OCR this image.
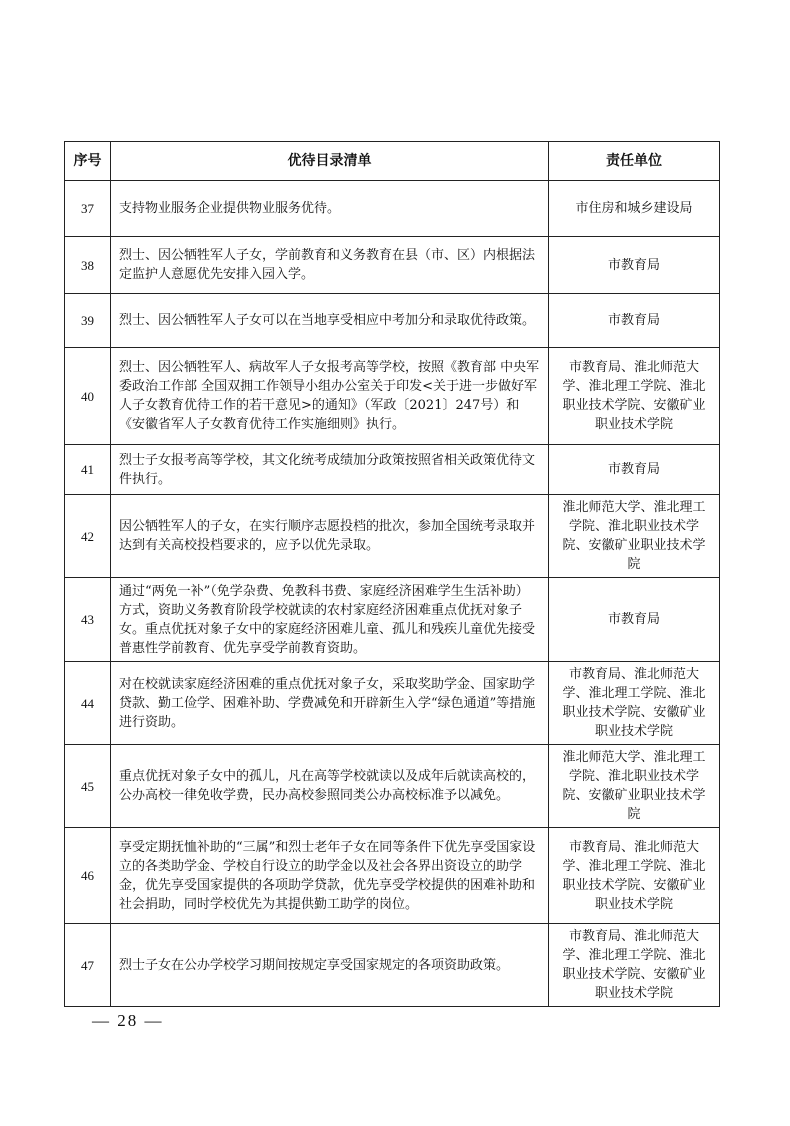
序号	优待目录清单	责任单位
37	支持物业服务企业提供物业服务优待。	市住房和城乡建设局
38	烈士、因公牺牲军人子女，学前教育和义务教育在县（市、区）内根据法定监护人意愿优先安排入园入学。	市教育局
39	烈士、因公牺牲军人子女可以在当地享受相应中考加分和录取优待政策。	市教育局
40	烈士、因公牺牲军人、病故军人子女报考高等学校，按照《教育部 中央军委政治工作部 全国双拥工作领导小组办公室关于印发<关于进一步做好军人子女教育优待工作的若干意见>的通知》（军政〔2021〕247号）和《安徽省军人子女教育优待工作实施细则》执行。	市教育局、淮北师范大学、淮北理工学院、淮北职业技术学院、安徽矿业职业技术学院
41	烈士子女报考高等学校，其文化统考成绩加分政策按照省相关政策优待文件执行。	市教育局
42	因公牺牲军人的子女，在实行顺序志愿投档的批次，参加全国统考录取并达到有关高校投档要求的，应予以优先录取。	淮北师范大学、淮北理工学院、淮北职业技术学院、安徽矿业职业技术学院
43	通过“两免一补”（免学杂费、免教科书费、家庭经济困难学生生活补助）方式，资助义务教育阶段学校就读的农村家庭经济困难重点优抚对象子女。重点优抚对象子女中的家庭经济困难儿童、孤儿和残疾儿童优先接受普惠性学前教育、优先享受学前教育资助。	市教育局
44	对在校就读家庭经济困难的重点优抚对象子女，采取奖助学金、国家助学贷款、勤工俭学、困难补助、学费减免和开辟新生入学“绿色通道”等措施进行资助。	市教育局、淮北师范大学、淮北理工学院、淮北职业技术学院、安徽矿业职业技术学院
45	重点优抚对象子女中的孤儿，凡在高等学校就读以及成年后就读高校的，公办高校一律免收学费，民办高校参照同类公办高校标准予以减免。	淮北师范大学、淮北理工学院、淮北职业技术学院、安徽矿业职业技术学院
46	享受定期抚恤补助的“三属”和烈士老年子女在同等条件下优先享受国家设立的各类助学金、学校自行设立的助学金以及社会各界出资设立的助学金，优先享受国家提供的各项助学贷款，优先享受学校提供的困难补助和社会捐助，同时学校优先为其提供勤工助学的岗位。	市教育局、淮北师范大学、淮北理工学院、淮北职业技术学院、安徽矿业职业技术学院
47	烈士子女在公办学校学习期间按规定享受国家规定的各项资助政策。	市教育局、淮北师范大学、淮北理工学院、淮北职业技术学院、安徽矿业职业技术学院
— 28 —
